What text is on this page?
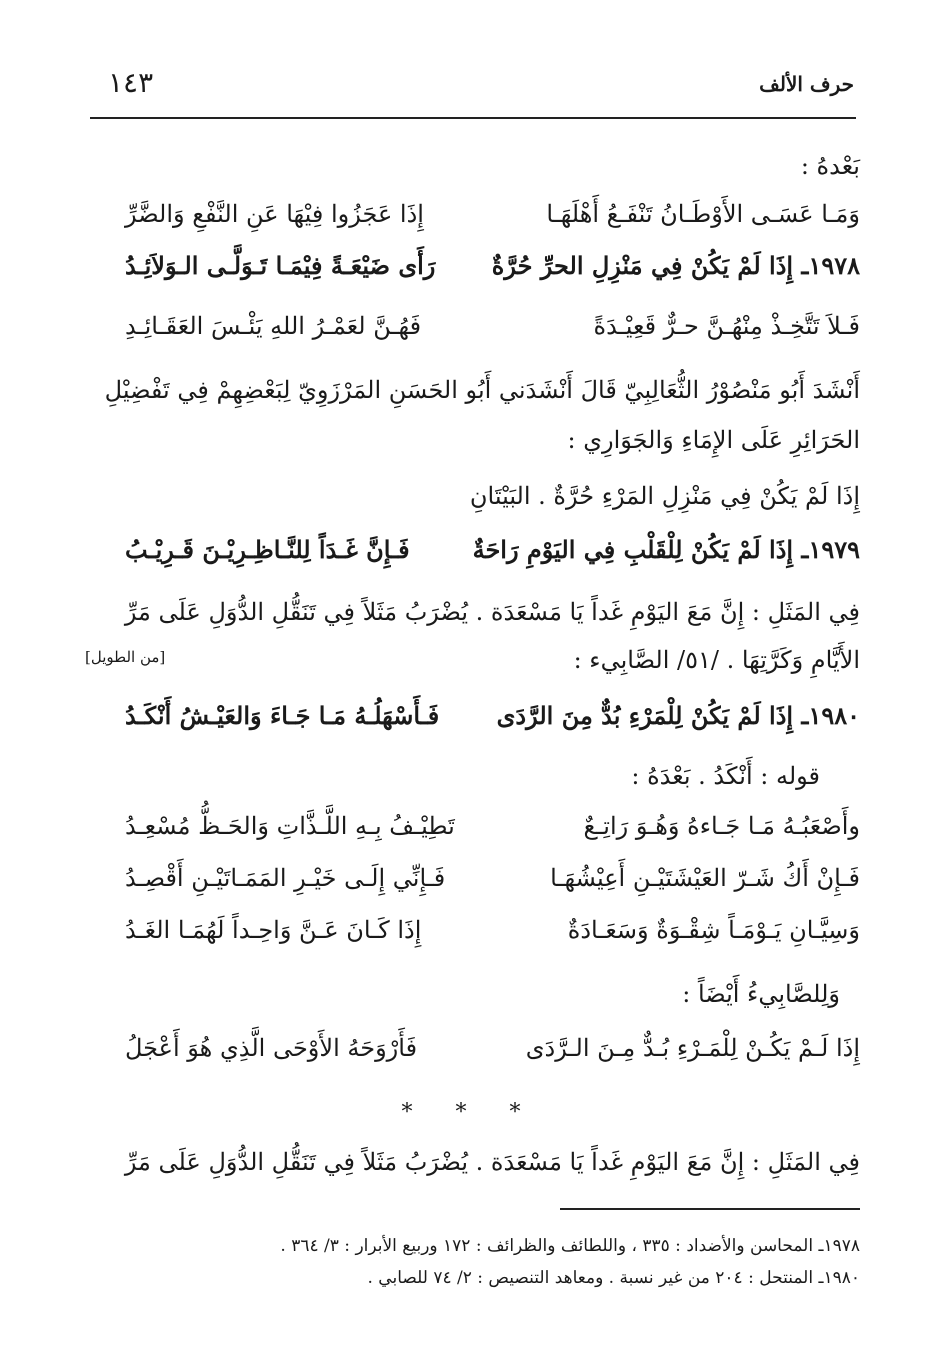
حرف الألف
١٤٣
بَعْدهُ :
وَمَـا عَسَـى الأَوْطَـانُ تَنْفَـعُ أَهْلَهَـا
إِذَا عَجَزُوا فِيْهَا عَنِ النَّفْعِ وَالضَّرِّ
١٩٧٨ـ إِذَا لَمْ يَكُنْ فِي مَنْزِلِ الحرِّ حُرَّةٌ
رَأَى ضَيْعَـةً فِيْمَـا تَـوَلَّـى الـوَلاَئِـدُ
فَـلاَ تَتَّخِـذْ مِنْهُـنَّ حـرٌّ قَعِيْـدَةً
فَهُـنَّ لعَمْـرُ اللهِ يَئْـسَ العَقَـائِـدِ
أَنْشَدَ أَبُو مَنْصُوْرُ الثُّعَالِبِيّ قَالَ أَنْشَدَني أَبُو الحَسَنِ المَرْزَوِيّ لِبَعْضِهِمْ فِي تَفْضِيْلِ
الحَرَائِرِ عَلَى الإِمَاءِ وَالجَوَارِي :
إِذَا لَمْ يَكُنْ فِي مَنْزِلِ المَرْءِ حُرَّةٌ . البَيْتَانِ
١٩٧٩ـ إِذَا لَمْ يَكُنْ لِلْقَلْبِ فِي اليَوْمِ رَاحَةٌ
فَـإِنَّ غَـدَاً لِلنَّـاظِـرِيْـنَ قَـرِيْـبُ
فِي المَثَلِ : إِنَّ مَعَ اليَوْمِ غَداً يَا مَسْعَدَة . يُضْرَبُ مَثَلاً فِي تَنَقُّلِ الدُّوَلِ عَلَى مَرِّ
الأَيَّامِ وَكَرَّتِهَا . /٥١/ الصَّابِيء :
[من الطويل]
١٩٨٠ـ إِذَا لَمْ يَكُنْ لِلْمَرْءِ بُدٌّ مِنَ الرَّدَى
فَـأَسْهَلُـهُ مَـا جَـاءَ وَالعَيْـشُ أَنْكَـدُ
قوله : أَنْكَدُ . بَعْدَهُ :
وأَصْعَبُـهُ مَـا جَـاءهُ وَهُـوَ رَاتِـعٌ
تَطِيْـفُ بِـهِ اللَّـذَّاتِ وَالحَـظُّ مُسْعِـدُ
فَـإِنْ أَكُ شَـرّ العَيْشَتَيْـنِ أَعِيْشُهَـا
فَـإِنِّي إِلَـى خَيْـرِ المَمَـاتَيْـنِ أَقْصِـدُ
وَسِيَّـانِ يَـوْمَـاً شِقْـوَةٌ وَسَعَـادَةٌ
إِذَا كَـانَ عَـنَّ وَاحِـداً لَهُمَـا الغَـدُ
وَلِلصَّابِيءُ أَيْضَاً :
إِذَا لَـمْ يَكُـنْ لِلْمَـرْءِ بُـدٌّ مِـنَ الـرَّدَى
فَأَرْوَحَهُ الأَوْحَى الَّذِي هُوَ أَعْجَلُ
* * *
فِي المَثَلِ : إِنَّ مَعَ اليَوْمِ غَداً يَا مَسْعَدَة . يُضْرَبُ مَثَلاً فِي تَنَقُّلِ الدُّوَلِ عَلَى مَرِّ
١٩٧٨ـ المحاسن والأضداد : ٣٣٥ ، واللطائف والظرائف : ١٧٢ وربيع الأبرار : ٣/ ٣٦٤ .
١٩٨٠ـ المنتحل : ٢٠٤ من غير نسبة . ومعاهد التنصيص : ٢/ ٧٤ للصابي .
